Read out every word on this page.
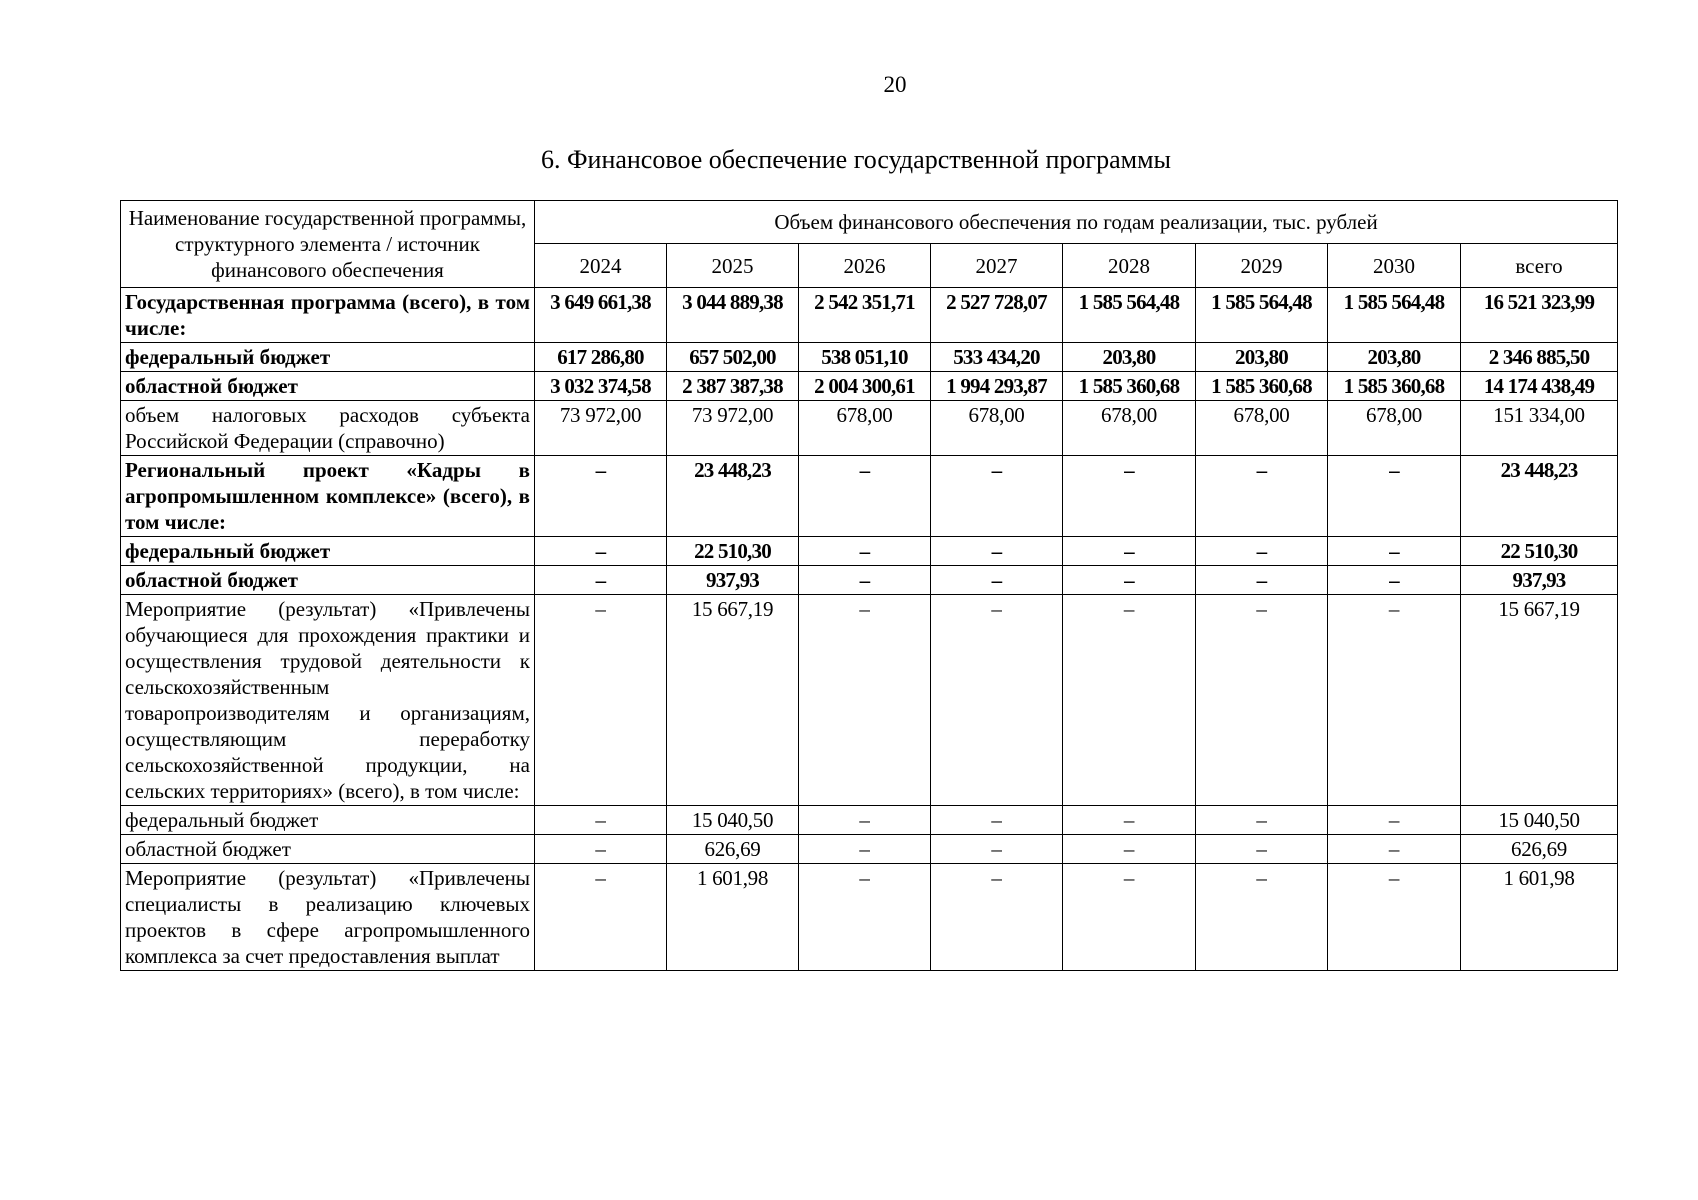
20
6. Финансовое обеспечение государственной программы
Наименование государственной программы, структурного элемента / источник финансового обеспечения	Объем финансового обеспечения по годам реализации, тыс. рублей							
	2024	2025	2026	2027	2028	2029	2030	всего
Государственная программа (всего), в том числе:	3 649 661,38	3 044 889,38	2 542 351,71	2 527 728,07	1 585 564,48	1 585 564,48	1 585 564,48	16 521 323,99
федеральный бюджет	617 286,80	657 502,00	538 051,10	533 434,20	203,80	203,80	203,80	2 346 885,50
областной бюджет	3 032 374,58	2 387 387,38	2 004 300,61	1 994 293,87	1 585 360,68	1 585 360,68	1 585 360,68	14 174 438,49
объем налоговых расходов субъекта Российской Федерации (справочно)	73 972,00	73 972,00	678,00	678,00	678,00	678,00	678,00	151 334,00
Региональный проект «Кадры в агропромышленном комплексе» (всего), в том числе:	–	23 448,23	–	–	–	–	–	23 448,23
федеральный бюджет	–	22 510,30	–	–	–	–	–	22 510,30
областной бюджет	–	937,93	–	–	–	–	–	937,93
Мероприятие (результат) «Привлечены обучающиеся для прохождения практики и осуществления трудовой деятельности к сельскохозяйственным товаропроизводителям и организациям, осуществляющим переработку сельскохозяйственной продукции, на сельских территориях» (всего), в том числе:	–	15 667,19	–	–	–	–	–	15 667,19
федеральный бюджет	–	15 040,50	–	–	–	–	–	15 040,50
областной бюджет	–	626,69	–	–	–	–	–	626,69
Мероприятие (результат) «Привлечены специалисты в реализацию ключевых проектов в сфере агропромышленного комплекса за счет предоставления выплат	–	1 601,98	–	–	–	–	–	1 601,98
